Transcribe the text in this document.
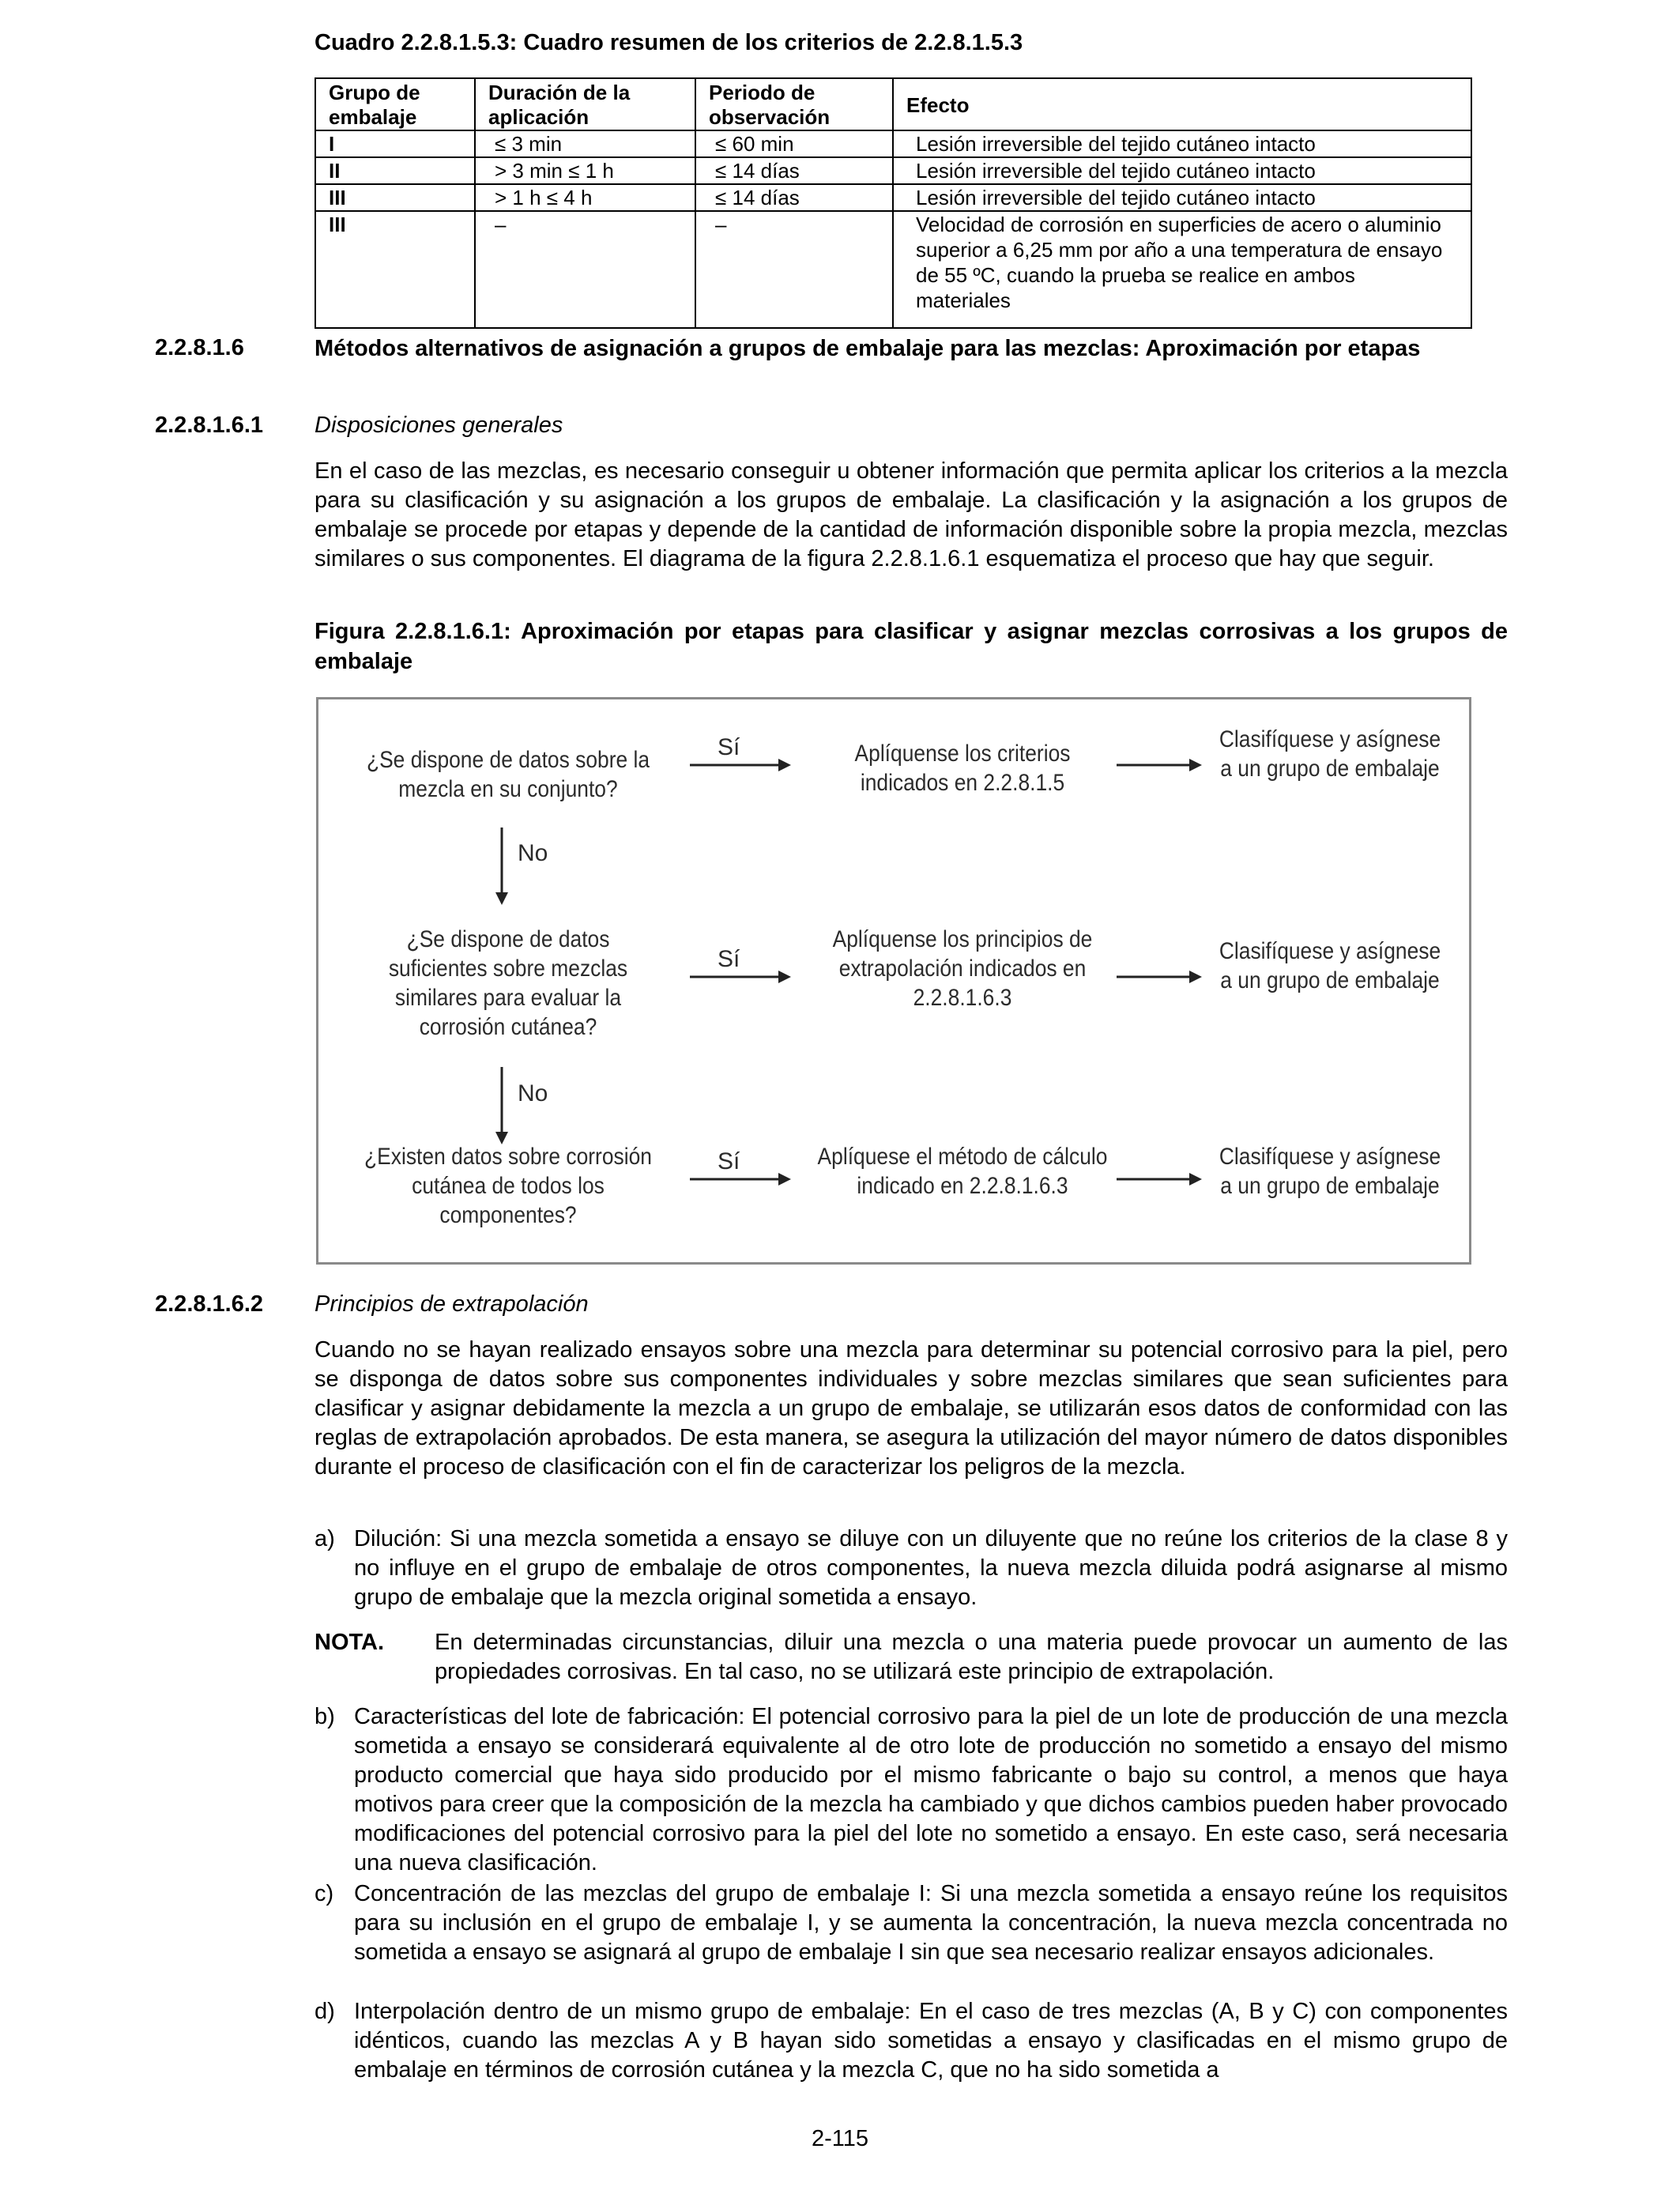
Cuadro 2.2.8.1.5.3: Cuadro resumen de los criterios de 2.2.8.1.5.3
Grupo de embalaje	Duración de la aplicación	Periodo de observación	Efecto
I	≤ 3 min	≤ 60 min	Lesión irreversible del tejido cutáneo intacto
II	> 3 min ≤ 1 h	≤ 14 días	Lesión irreversible del tejido cutáneo intacto
III	> 1 h ≤ 4 h	≤ 14 días	Lesión irreversible del tejido cutáneo intacto
III	–	–	Velocidad de corrosión en superficies de acero o aluminio superior a 6,25 mm por año a una temperatura de ensayo de 55 ºC, cuando la prueba se realice en ambos materiales
2.2.8.1.6	Métodos alternativos de asignación a grupos de embalaje para las mezclas: Aproximación por etapas
2.2.8.1.6.1 Disposiciones generales
En el caso de las mezclas, es necesario conseguir u obtener información que permita aplicar los criterios a la mezcla para su clasificación y su asignación a los grupos de embalaje. La clasificación y la asignación a los grupos de embalaje se procede por etapas y depende de la cantidad de información disponible sobre la propia mezcla, mezclas similares o sus componentes. El diagrama de la figura 2.2.8.1.6.1 esquematiza el proceso que hay que seguir.
Figura 2.2.8.1.6.1: Aproximación por etapas para clasificar y asignar mezclas corrosivas a los grupos de embalaje
¿Se dispone de datos sobre la mezcla en su conjunto?
Sí	Aplíquense los criterios indicados en 2.2.8.1.5
Clasifíquese y asígnese a un grupo de embalaje
No
¿Se dispone de datos suficientes sobre mezclas similares para evaluar la corrosión cutánea?
Sí
Aplíquense los principios de extrapolación indicados en 2.2.8.1.6.3
Clasifíquese y asígnese a un grupo de embalaje
No
¿Existen datos sobre corrosión cutánea de todos los componentes?
Sí	Aplíquese el método de cálculo indicado en 2.2.8.1.6.3
Clasifíquese y asígnese a un grupo de embalaje
2.2.8.1.6.2 Principios de extrapolación
Cuando no se hayan realizado ensayos sobre una mezcla para determinar su potencial corrosivo para la piel, pero se disponga de datos sobre sus componentes individuales y sobre mezclas similares que sean suficientes para clasificar y asignar debidamente la mezcla a un grupo de embalaje, se utilizarán esos datos de conformidad con las reglas de extrapolación aprobados. De esta manera, se asegura la utilización del mayor número de datos disponibles durante el proceso de clasificación con el fin de caracterizar los peligros de la mezcla.
a) Dilución: Si una mezcla sometida a ensayo se diluye con un diluyente que no reúne los criterios de la clase 8 y no influye en el grupo de embalaje de otros componentes, la nueva mezcla diluida podrá asignarse al mismo grupo de embalaje que la mezcla original sometida a ensayo.
NOTA. En determinadas circunstancias, diluir una mezcla o una materia puede provocar un aumento de las propiedades corrosivas. En tal caso, no se utilizará este principio de extrapolación.
b) Características del lote de fabricación: El potencial corrosivo para la piel de un lote de producción de una mezcla sometida a ensayo se considerará equivalente al de otro lote de producción no sometido a ensayo del mismo producto comercial que haya sido producido por el mismo fabricante o bajo su control, a menos que haya motivos para creer que la composición de la mezcla ha cambiado y que dichos cambios pueden haber provocado modificaciones del potencial corrosivo para la piel del lote no sometido a ensayo. En este caso, será necesaria una nueva clasificación.
c) Concentración de las mezclas del grupo de embalaje I: Si una mezcla sometida a ensayo reúne los requisitos para su inclusión en el grupo de embalaje I, y se aumenta la concentración, la nueva mezcla concentrada no sometida a ensayo se asignará al grupo de embalaje I sin que sea necesario realizar ensayos adicionales.
d) Interpolación dentro de un mismo grupo de embalaje: En el caso de tres mezclas (A, B y C) con componentes idénticos, cuando las mezclas A y B hayan sido sometidas a ensayo y clasificadas en el mismo grupo de embalaje en términos de corrosión cutánea y la mezcla C, que no ha sido sometida a
2-115
